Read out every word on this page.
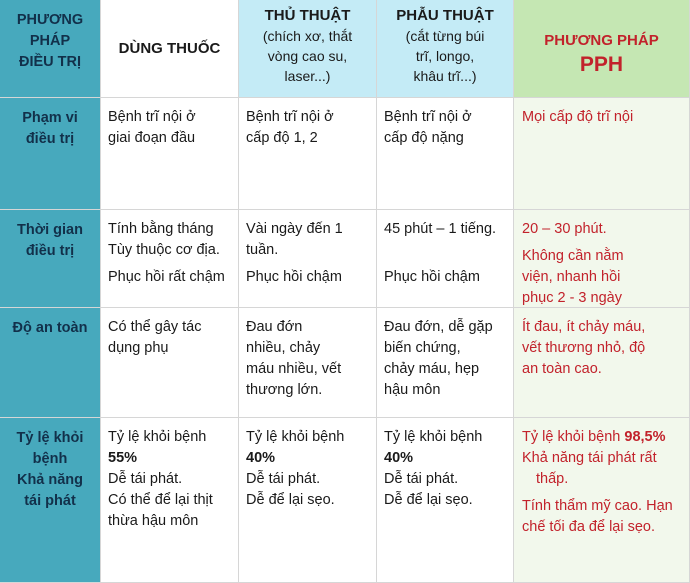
PHƯƠNG
PHÁP
ĐIỀU TRỊ
DÙNG THUỐC
THỦ THUẬT
(chích xơ, thắt
vòng cao su,
laser...)
PHẪU THUẬT
(cắt từng búi
trĩ, longo,
khâu trĩ...)
PHƯƠNG PHÁP
PPH
Phạm vi
điều trị
Bệnh trĩ nội ở
giai đoạn đầu
Bệnh trĩ nội ở
cấp độ 1, 2
Bệnh trĩ nội ở
cấp độ nặng
Mọi cấp độ trĩ nội
Thời gian
điều trị
Tính bằng tháng
Tùy thuộc cơ địa.
Phục hồi rất chậm
Vài ngày đến 1
tuần.
Phục hồi chậm
45 phút – 1 tiếng.
Phục hồi chậm
20 – 30 phút.
Không cần nằm
viện, nhanh hồi
phục 2 - 3 ngày
Độ an toàn	Có thể gây tác
dụng phụ
Đau đớn
nhiều, chảy
máu nhiều, vết
thương lớn.
Đau đớn, dễ gặp
biến chứng,
chảy máu, hẹp
hậu môn
Ít đau, ít chảy máu,
vết thương nhỏ, độ
an toàn cao.
Tỷ lệ khỏi
bệnh
Khả năng
tái phát
Tỷ lệ khỏi bệnh
55%
Dễ tái phát.
Có thể để lại thịt
thừa hậu môn
Tỷ lệ khỏi bệnh
40%
Dễ tái phát.
Dễ để lại sẹo.
Tỷ lệ khỏi bệnh
40%
Dễ tái phát.
Dễ để lại sẹo.
Tỷ lệ khỏi bệnh 98,5%
Khả năng tái phát rất
thấp.
Tính thẩm mỹ cao. Hạn
chế tối đa để lại sẹo.
